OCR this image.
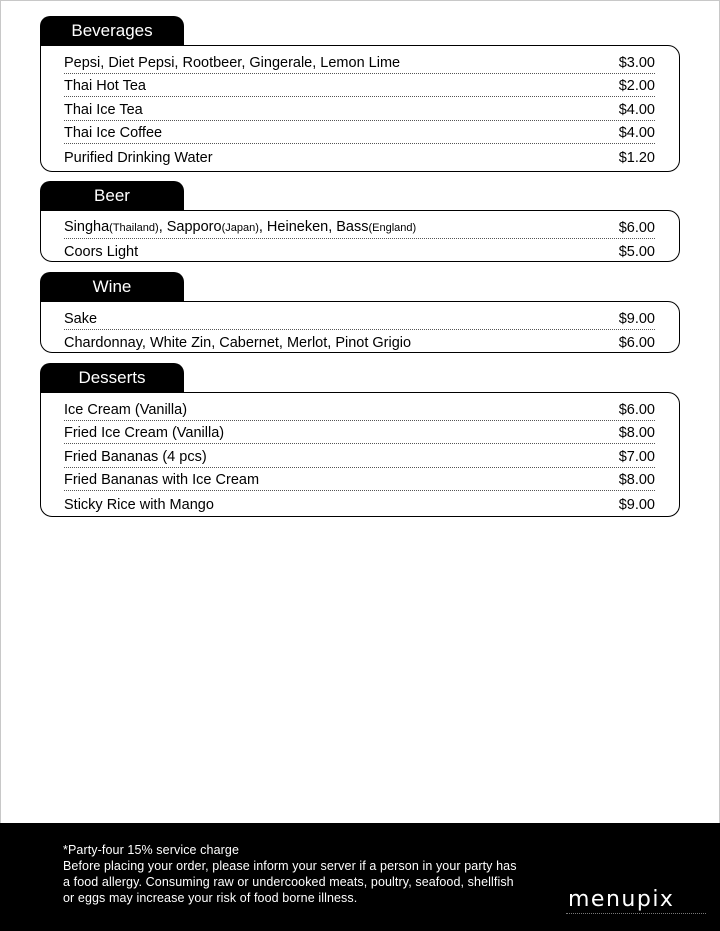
Beverages
Pepsi, Diet Pepsi, Rootbeer, Gingerale, Lemon Lime	$3.00
Thai Hot Tea	$2.00
Thai Ice Tea	$4.00
Thai Ice Coffee	$4.00
Purified Drinking Water	$1.20
Beer
Singha(Thailand), Sapporo(Japan), Heineken, Bass(England)	$6.00
Coors Light	$5.00
Wine
Sake	$9.00
Chardonnay, White Zin, Cabernet, Merlot, Pinot Grigio	$6.00
Desserts
Ice Cream (Vanilla)	$6.00
Fried Ice Cream (Vanilla)	$8.00
Fried Bananas (4 pcs)	$7.00
Fried Bananas with Ice Cream	$8.00
Sticky Rice with Mango	$9.00
*Party-four 15% service charge
Before placing your order, please inform your server if a person in your party has
a food allergy. Consuming raw or undercooked meats, poultry, seafood, shellfish
or eggs may increase your risk of food borne illness.	menupix
